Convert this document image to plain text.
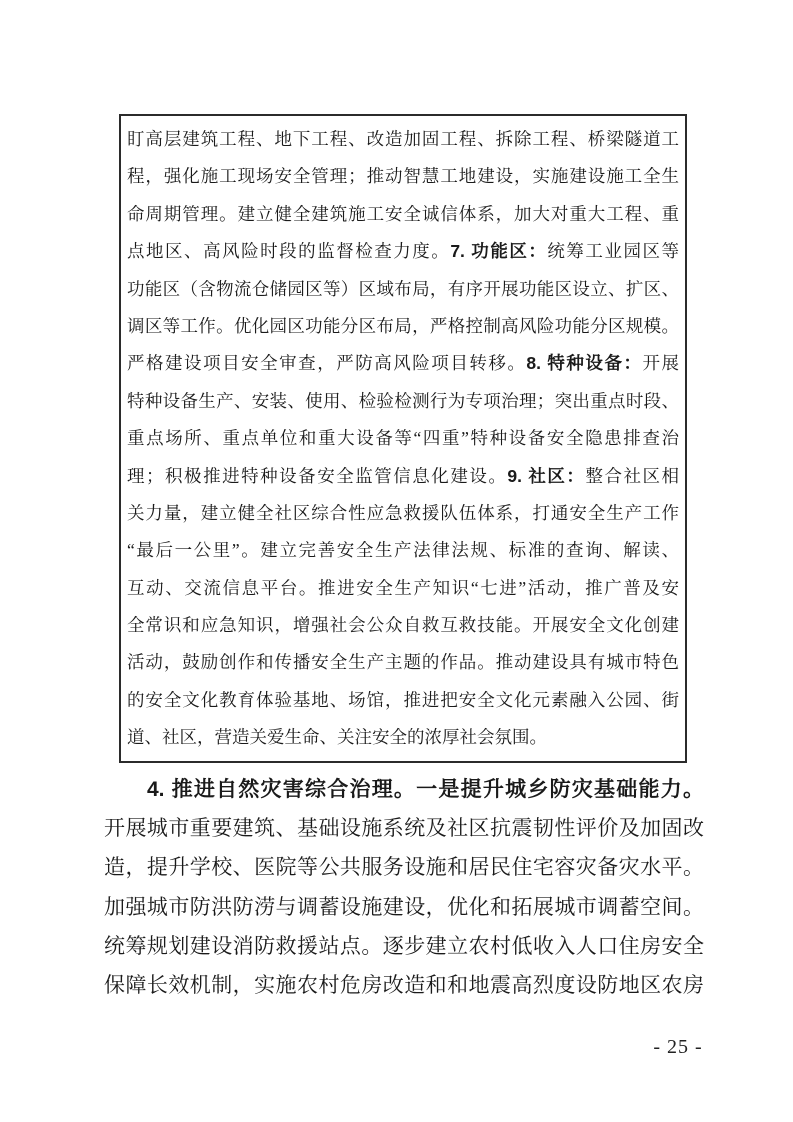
盯高层建筑工程、地下工程、改造加固工程、拆除工程、桥梁隧道工
程，强化施工现场安全管理；推动智慧工地建设，实施建设施工全生
命周期管理。建立健全建筑施工安全诚信体系，加大对重大工程、重
点地区、高风险时段的监督检查力度。7. 功能区：统筹工业园区等
功能区（含物流仓储园区等）区域布局，有序开展功能区设立、扩区、
调区等工作。优化园区功能分区布局，严格控制高风险功能分区规模。
严格建设项目安全审查，严防高风险项目转移。8. 特种设备：开展
特种设备生产、安装、使用、检验检测行为专项治理；突出重点时段、
重点场所、重点单位和重大设备等“四重”特种设备安全隐患排查治
理；积极推进特种设备安全监管信息化建设。9. 社区：整合社区相
关力量，建立健全社区综合性应急救援队伍体系，打通安全生产工作
“最后一公里”。建立完善安全生产法律法规、标准的查询、解读、
互动、交流信息平台。推进安全生产知识“七进”活动，推广普及安
全常识和应急知识，增强社会公众自救互救技能。开展安全文化创建
活动，鼓励创作和传播安全生产主题的作品。推动建设具有城市特色
的安全文化教育体验基地、场馆，推进把安全文化元素融入公园、街
道、社区，营造关爱生命、关注安全的浓厚社会氛围。
4. 推进自然灾害综合治理。一是提升城乡防灾基础能力。
开展城市重要建筑、基础设施系统及社区抗震韧性评价及加固改
造，提升学校、医院等公共服务设施和居民住宅容灾备灾水平。
加强城市防洪防涝与调蓄设施建设，优化和拓展城市调蓄空间。
统筹规划建设消防救援站点。逐步建立农村低收入人口住房安全
保障长效机制，实施农村危房改造和和地震高烈度设防地区农房
- 25 -
